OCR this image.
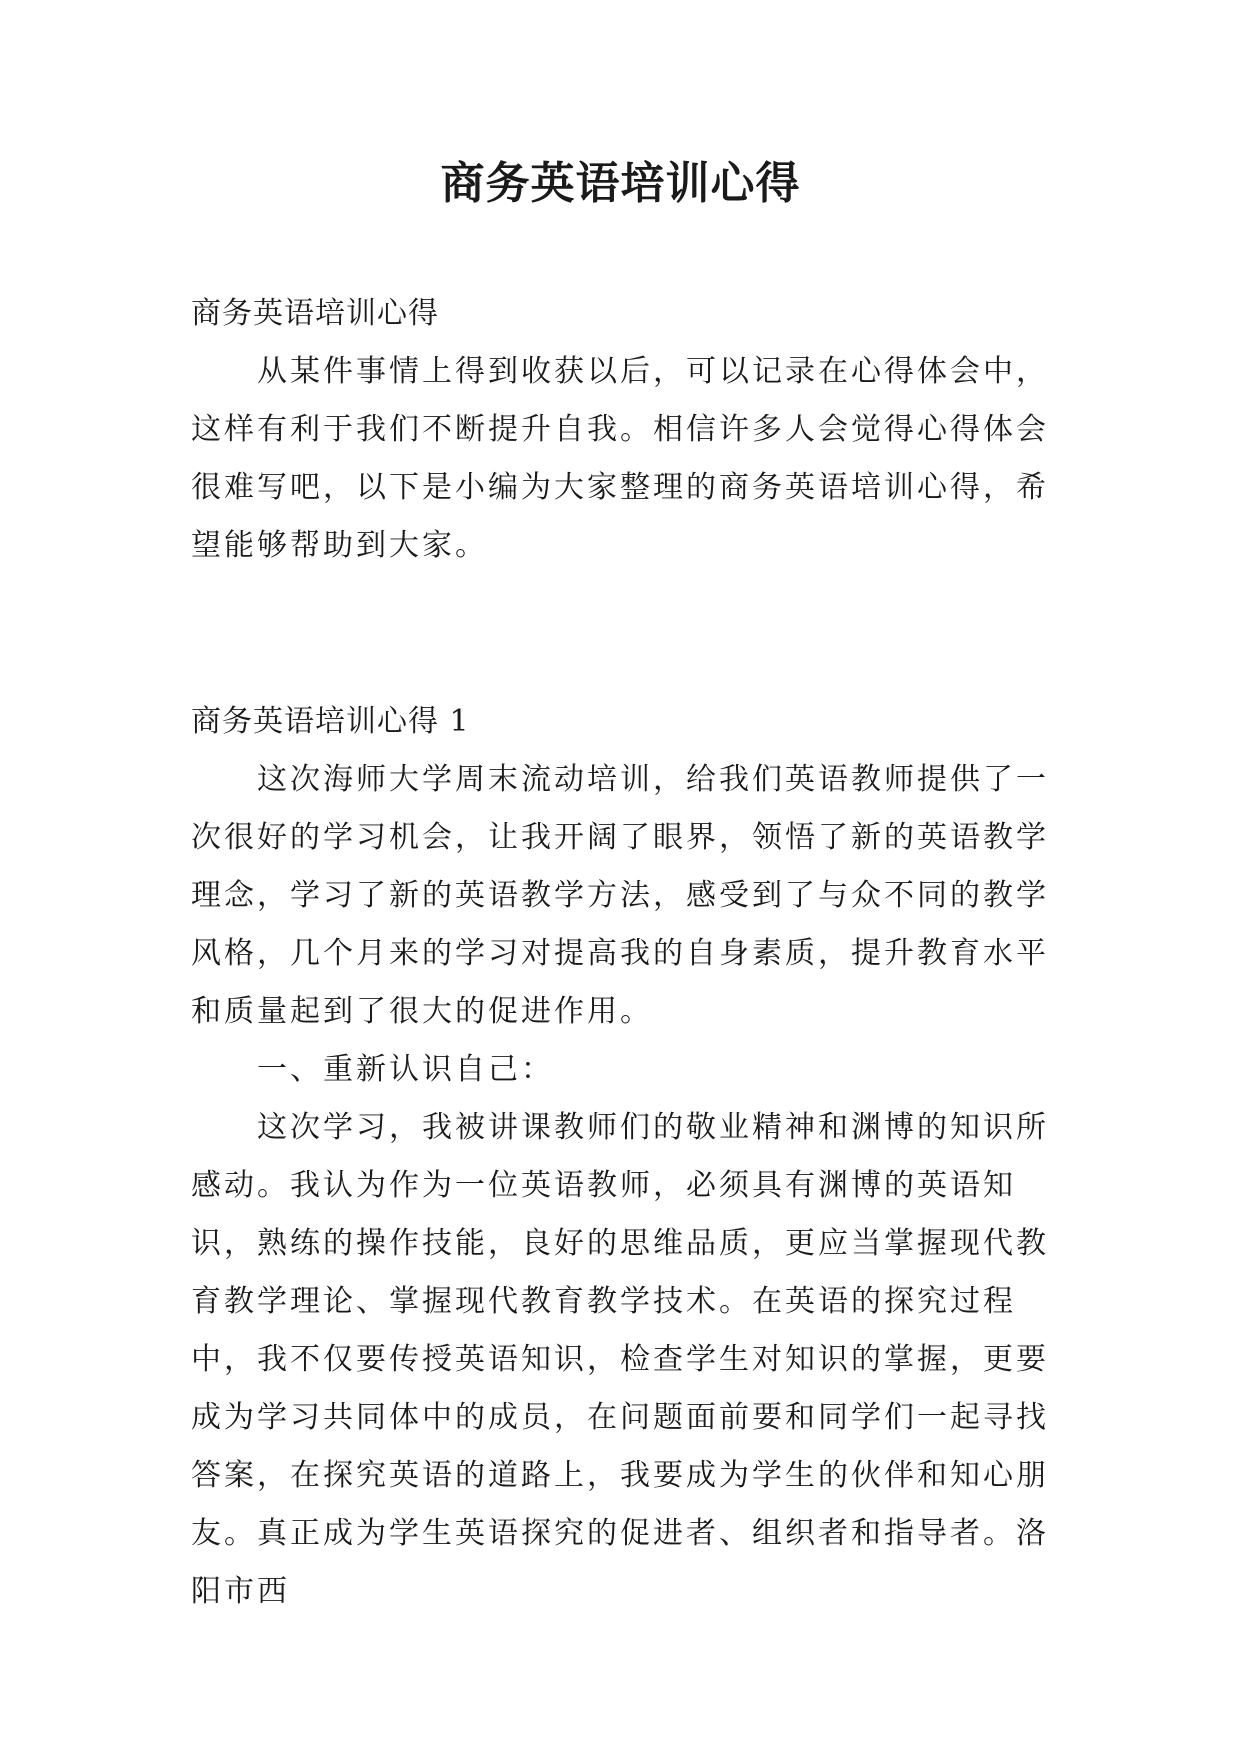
商务英语培训心得

商务英语培训心得

从某件事情上得到收获以后，可以记录在心得体会中，这样有利于我们不断提升自我。相信许多人会觉得心得体会很难写吧，以下是小编为大家整理的商务英语培训心得，希望能够帮助到大家。

商务英语培训心得 1

这次海师大学周末流动培训，给我们英语教师提供了一次很好的学习机会，让我开阔了眼界，领悟了新的英语教学理念，学习了新的英语教学方法，感受到了与众不同的教学风格，几个月来的学习对提高我的自身素质，提升教育水平和质量起到了很大的促进作用。

一、重新认识自己：

这次学习，我被讲课教师们的敬业精神和渊博的知识所感动。我认为作为一位英语教师，必须具有渊博的英语知识，熟练的操作技能，良好的思维品质，更应当掌握现代教育教学理论、掌握现代教育教学技术。在英语的探究过程中，我不仅要传授英语知识，检查学生对知识的掌握，更要成为学习共同体中的成员，在问题面前要和同学们一起寻找答案，在探究英语的道路上，我要成为学生的伙伴和知心朋友。真正成为学生英语探究的促进者、组织者和指导者。洛阳市西
